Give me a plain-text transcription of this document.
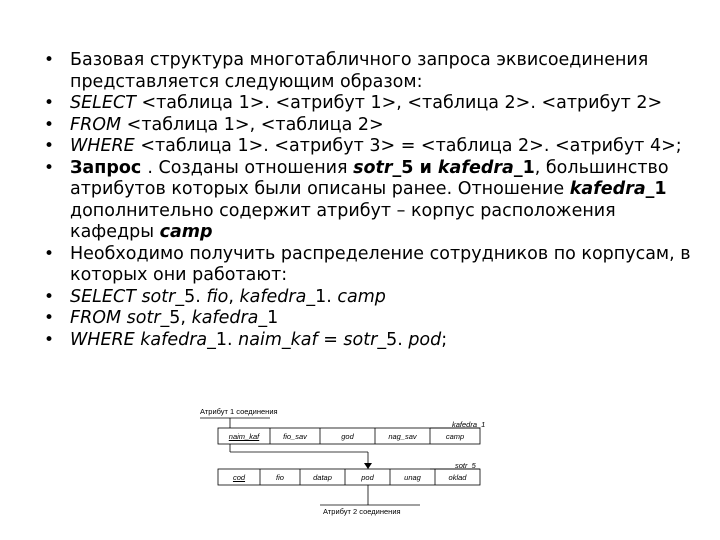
• Базовая структура многотабличного запроса эквисоединения представляется следующим образом:
• SELECT <таблица 1>. <атрибут 1>, <таблица 2>. <атрибут 2>
• FROM <таблица 1>, <таблица 2>
• WHERE <таблица 1>. <атрибут 3> = <таблица 2>. <атрибут 4>;
• Запрос . Созданы отношения sotr_5 и kafedra_1, большинство атрибутов которых были описаны ранее. Отношение kafedra_1 дополнительно содержит атрибут – корпус расположения кафедры camp
• Необходимо получить распределение сотрудников по корпусам, в которых они работают:
• SELECT sotr_5. fio, kafedra_1. camp
• FROM sotr_5, kafedra_1
• WHERE kafedra_1. naim_kaf = sotr_5. pod;
Атрибут 1 соединения
kafedra_1
naim_kaf	fio_sav	god	nag_sav	camp
sotr_5
cod	fio	datap	pod	unag	oklad
Атрибут 2 соединения
